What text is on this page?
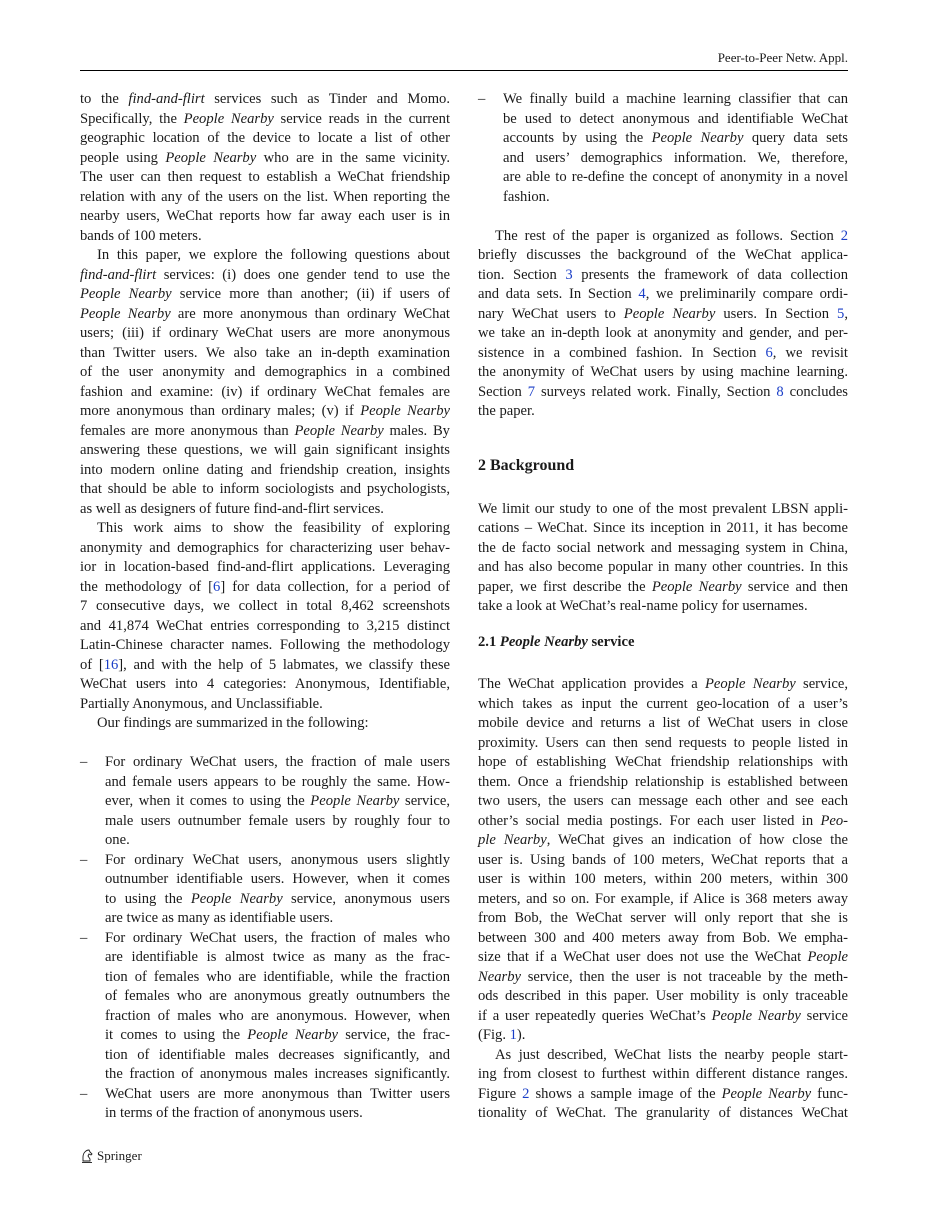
Peer-to-Peer Netw. Appl.
to the find-and-flirt services such as Tinder and Momo.
Specifically, the People Nearby service reads in the current
geographic location of the device to locate a list of other
people using People Nearby who are in the same vicinity.
The user can then request to establish a WeChat friendship
relation with any of the users on the list. When reporting the
nearby users, WeChat reports how far away each user is in
bands of 100 meters.
In this paper, we explore the following questions about
find-and-flirt services: (i) does one gender tend to use the
People Nearby service more than another; (ii) if users of
People Nearby are more anonymous than ordinary WeChat
users; (iii) if ordinary WeChat users are more anonymous
than Twitter users. We also take an in-depth examination
of the user anonymity and demographics in a combined
fashion and examine: (iv) if ordinary WeChat females are
more anonymous than ordinary males; (v) if People Nearby
females are more anonymous than People Nearby males. By
answering these questions, we will gain significant insights
into modern online dating and friendship creation, insights
that should be able to inform sociologists and psychologists,
as well as designers of future find-and-flirt services.
This work aims to show the feasibility of exploring
anonymity and demographics for characterizing user behav-
ior in location-based find-and-flirt applications. Leveraging
the methodology of [6] for data collection, for a period of
7 consecutive days, we collect in total 8,462 screenshots
and 41,874 WeChat entries corresponding to 3,215 distinct
Latin-Chinese character names. Following the methodology
of [16], and with the help of 5 labmates, we classify these
WeChat users into 4 categories: Anonymous, Identifiable,
Partially Anonymous, and Unclassifiable.
Our findings are summarized in the following:
–	For ordinary WeChat users, the fraction of male users
and female users appears to be roughly the same. How-
ever, when it comes to using the People Nearby service,
male users outnumber female users by roughly four to
one.
–	For ordinary WeChat users, anonymous users slightly
outnumber identifiable users. However, when it comes
to using the People Nearby service, anonymous users
are twice as many as identifiable users.
–	For ordinary WeChat users, the fraction of males who
are identifiable is almost twice as many as the frac-
tion of females who are identifiable, while the fraction
of females who are anonymous greatly outnumbers the
fraction of males who are anonymous. However, when
it comes to using the People Nearby service, the frac-
tion of identifiable males decreases significantly, and
the fraction of anonymous males increases significantly.
–	WeChat users are more anonymous than Twitter users
in terms of the fraction of anonymous users.
2 Background
2.1 People Nearby service
–	We finally build a machine learning classifier that can
be used to detect anonymous and identifiable WeChat
accounts by using the People Nearby query data sets
and users’ demographics information. We, therefore,
are able to re-define the concept of anonymity in a novel
fashion.
The rest of the paper is organized as follows. Section 2
briefly discusses the background of the WeChat applica-
tion. Section 3 presents the framework of data collection
and data sets. In Section 4, we preliminarily compare ordi-
nary WeChat users to People Nearby users. In Section 5,
we take an in-depth look at anonymity and gender, and per-
sistence in a combined fashion. In Section 6, we revisit
the anonymity of WeChat users by using machine learning.
Section 7 surveys related work. Finally, Section 8 concludes
the paper.
We limit our study to one of the most prevalent LBSN appli-
cations – WeChat. Since its inception in 2011, it has become
the de facto social network and messaging system in China,
and has also become popular in many other countries. In this
paper, we first describe the People Nearby service and then
take a look at WeChat’s real-name policy for usernames.
The WeChat application provides a People Nearby service,
which takes as input the current geo-location of a user’s
mobile device and returns a list of WeChat users in close
proximity. Users can then send requests to people listed in
hope of establishing WeChat friendship relationships with
them. Once a friendship relationship is established between
two users, the users can message each other and see each
other’s social media postings. For each user listed in Peo-
ple Nearby, WeChat gives an indication of how close the
user is. Using bands of 100 meters, WeChat reports that a
user is within 100 meters, within 200 meters, within 300
meters, and so on. For example, if Alice is 368 meters away
from Bob, the WeChat server will only report that she is
between 300 and 400 meters away from Bob. We empha-
size that if a WeChat user does not use the WeChat People
Nearby service, then the user is not traceable by the meth-
ods described in this paper. User mobility is only traceable
if a user repeatedly queries WeChat’s People Nearby service
(Fig. 1).
As just described, WeChat lists the nearby people start-
ing from closest to furthest within different distance ranges.
Figure 2 shows a sample image of the People Nearby func-
tionality of WeChat. The granularity of distances WeChat
Springer
